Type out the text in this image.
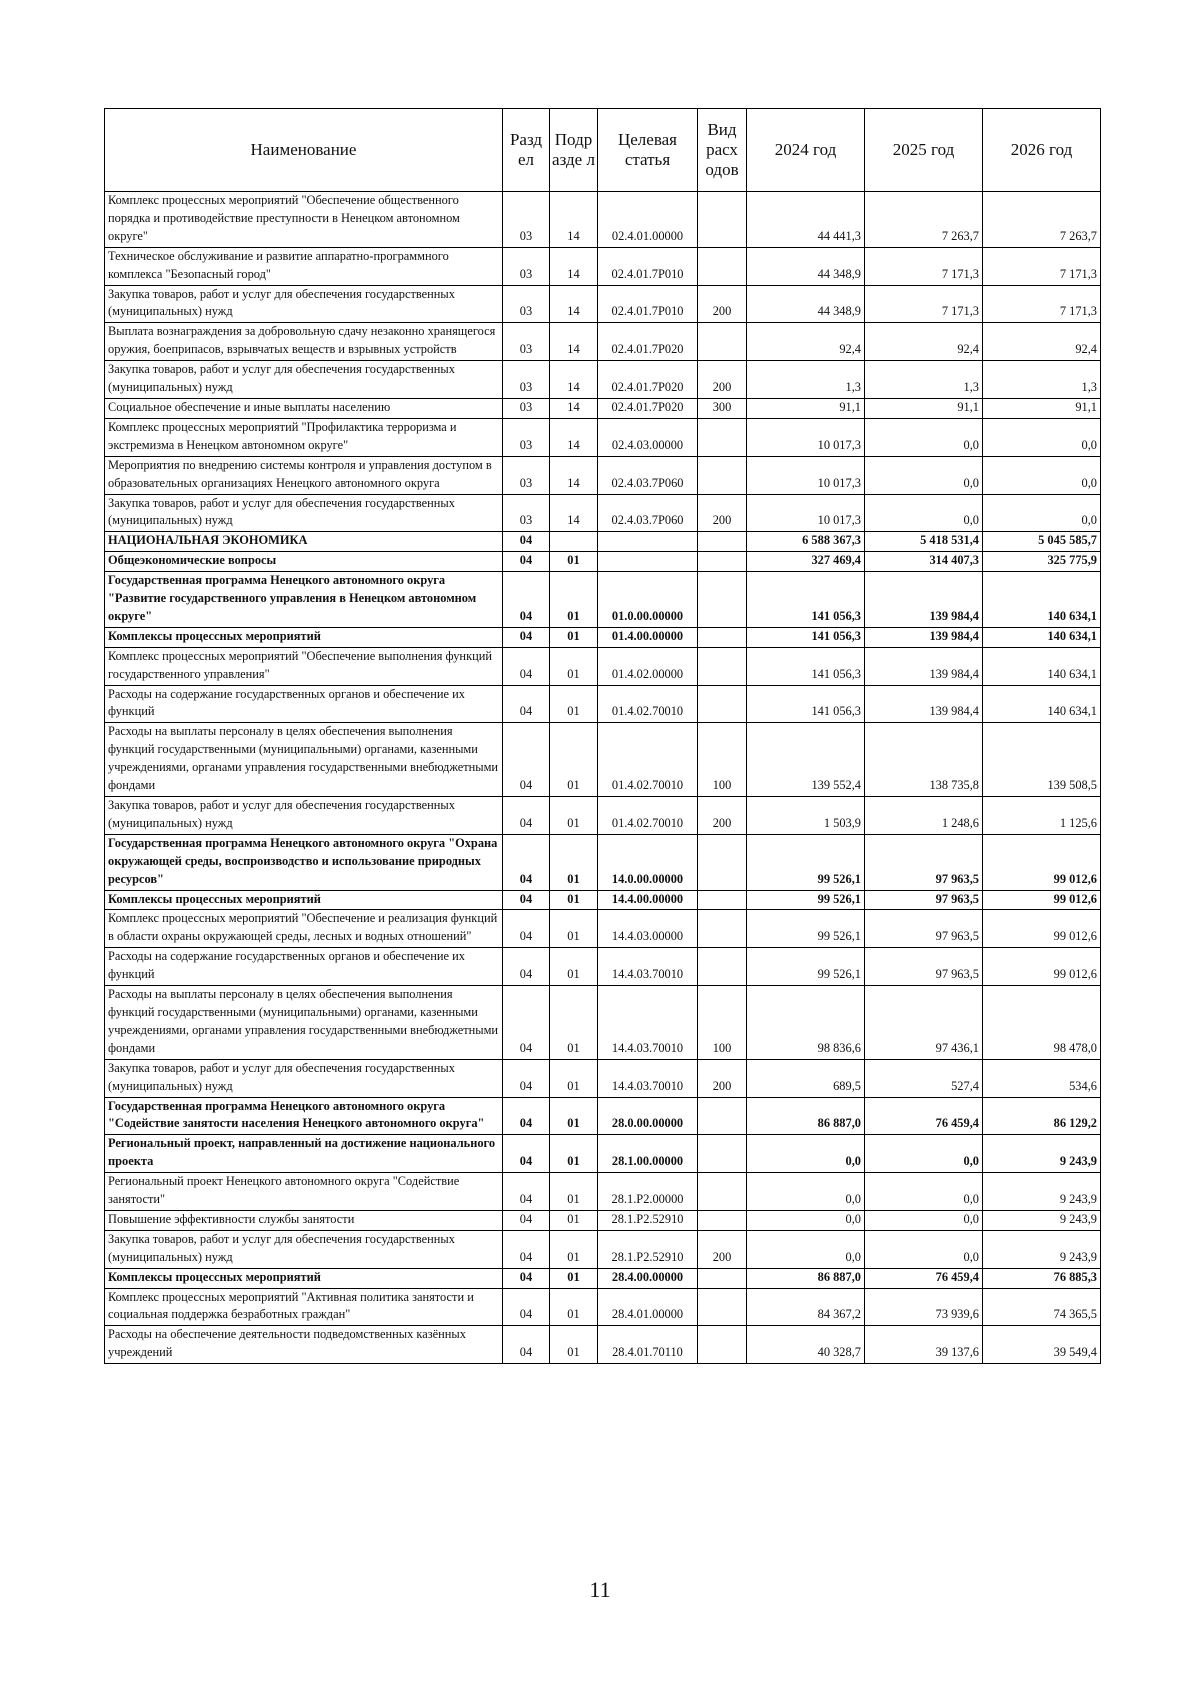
Наименование	Разд ел	Подр азде л	Целевая статья	Вид расх одов	2024 год	2025 год	2026 год
Комплекс процессных мероприятий "Обеспечение общественного порядка и противодействие преступности в Ненецком автономном округе"	03	14	02.4.01.00000		44 441,3	7 263,7	7 263,7
Техническое обслуживание и развитие аппаратно-программного комплекса "Безопасный город"	03	14	02.4.01.7Р010		44 348,9	7 171,3	7 171,3
Закупка товаров, работ и услуг для обеспечения государственных (муниципальных) нужд	03	14	02.4.01.7Р010	200	44 348,9	7 171,3	7 171,3
Выплата вознаграждения за добровольную сдачу незаконно хранящегося оружия, боеприпасов, взрывчатых веществ и взрывных устройств	03	14	02.4.01.7Р020		92,4	92,4	92,4
Закупка товаров, работ и услуг для обеспечения государственных (муниципальных) нужд	03	14	02.4.01.7Р020	200	1,3	1,3	1,3
Социальное обеспечение и иные выплаты населению	03	14	02.4.01.7Р020	300	91,1	91,1	91,1
Комплекс процессных мероприятий "Профилактика терроризма и экстремизма в Ненецком автономном округе"	03	14	02.4.03.00000		10 017,3	0,0	0,0
Мероприятия по внедрению системы контроля и управления доступом в образовательных организациях Ненецкого автономного округа	03	14	02.4.03.7Р060		10 017,3	0,0	0,0
Закупка товаров, работ и услуг для обеспечения государственных (муниципальных) нужд	03	14	02.4.03.7Р060	200	10 017,3	0,0	0,0
НАЦИОНАЛЬНАЯ ЭКОНОМИКА	04				6 588 367,3	5 418 531,4	5 045 585,7
Общеэкономические вопросы	04	01			327 469,4	314 407,3	325 775,9
Государственная программа Ненецкого автономного округа "Развитие государственного управления в Ненецком автономном округе"	04	01	01.0.00.00000		141 056,3	139 984,4	140 634,1
Комплексы процессных мероприятий	04	01	01.4.00.00000		141 056,3	139 984,4	140 634,1
Комплекс процессных мероприятий "Обеспечение выполнения функций государственного управления"	04	01	01.4.02.00000		141 056,3	139 984,4	140 634,1
Расходы на содержание государственных органов и обеспечение их функций	04	01	01.4.02.70010		141 056,3	139 984,4	140 634,1
Расходы на выплаты персоналу в целях обеспечения выполнения функций государственными (муниципальными) органами, казенными учреждениями, органами управления государственными внебюджетными фондами	04	01	01.4.02.70010	100	139 552,4	138 735,8	139 508,5
Закупка товаров, работ и услуг для обеспечения государственных (муниципальных) нужд	04	01	01.4.02.70010	200	1 503,9	1 248,6	1 125,6
Государственная программа Ненецкого автономного округа "Охрана окружающей среды, воспроизводство и использование природных ресурсов"	04	01	14.0.00.00000		99 526,1	97 963,5	99 012,6
Комплексы процессных мероприятий	04	01	14.4.00.00000		99 526,1	97 963,5	99 012,6
Комплекс процессных мероприятий "Обеспечение и реализация функций в области охраны окружающей среды, лесных и водных отношений"	04	01	14.4.03.00000		99 526,1	97 963,5	99 012,6
Расходы на содержание государственных органов и обеспечение их функций	04	01	14.4.03.70010		99 526,1	97 963,5	99 012,6
Расходы на выплаты персоналу в целях обеспечения выполнения функций государственными (муниципальными) органами, казенными учреждениями, органами управления государственными внебюджетными фондами	04	01	14.4.03.70010	100	98 836,6	97 436,1	98 478,0
Закупка товаров, работ и услуг для обеспечения государственных (муниципальных) нужд	04	01	14.4.03.70010	200	689,5	527,4	534,6
Государственная программа Ненецкого автономного округа "Содействие занятости населения Ненецкого автономного округа"	04	01	28.0.00.00000		86 887,0	76 459,4	86 129,2
Региональный проект, направленный на достижение национального проекта	04	01	28.1.00.00000		0,0	0,0	9 243,9
Региональный проект Ненецкого автономного округа "Содействие занятости"	04	01	28.1.Р2.00000		0,0	0,0	9 243,9
Повышение эффективности службы занятости	04	01	28.1.Р2.52910		0,0	0,0	9 243,9
Закупка товаров, работ и услуг для обеспечения государственных (муниципальных) нужд	04	01	28.1.Р2.52910	200	0,0	0,0	9 243,9
Комплексы процессных мероприятий	04	01	28.4.00.00000		86 887,0	76 459,4	76 885,3
Комплекс процессных мероприятий "Активная политика занятости и социальная поддержка безработных граждан"	04	01	28.4.01.00000		84 367,2	73 939,6	74 365,5
Расходы на обеспечение деятельности подведомственных казённых учреждений	04	01	28.4.01.70110		40 328,7	39 137,6	39 549,4
11
